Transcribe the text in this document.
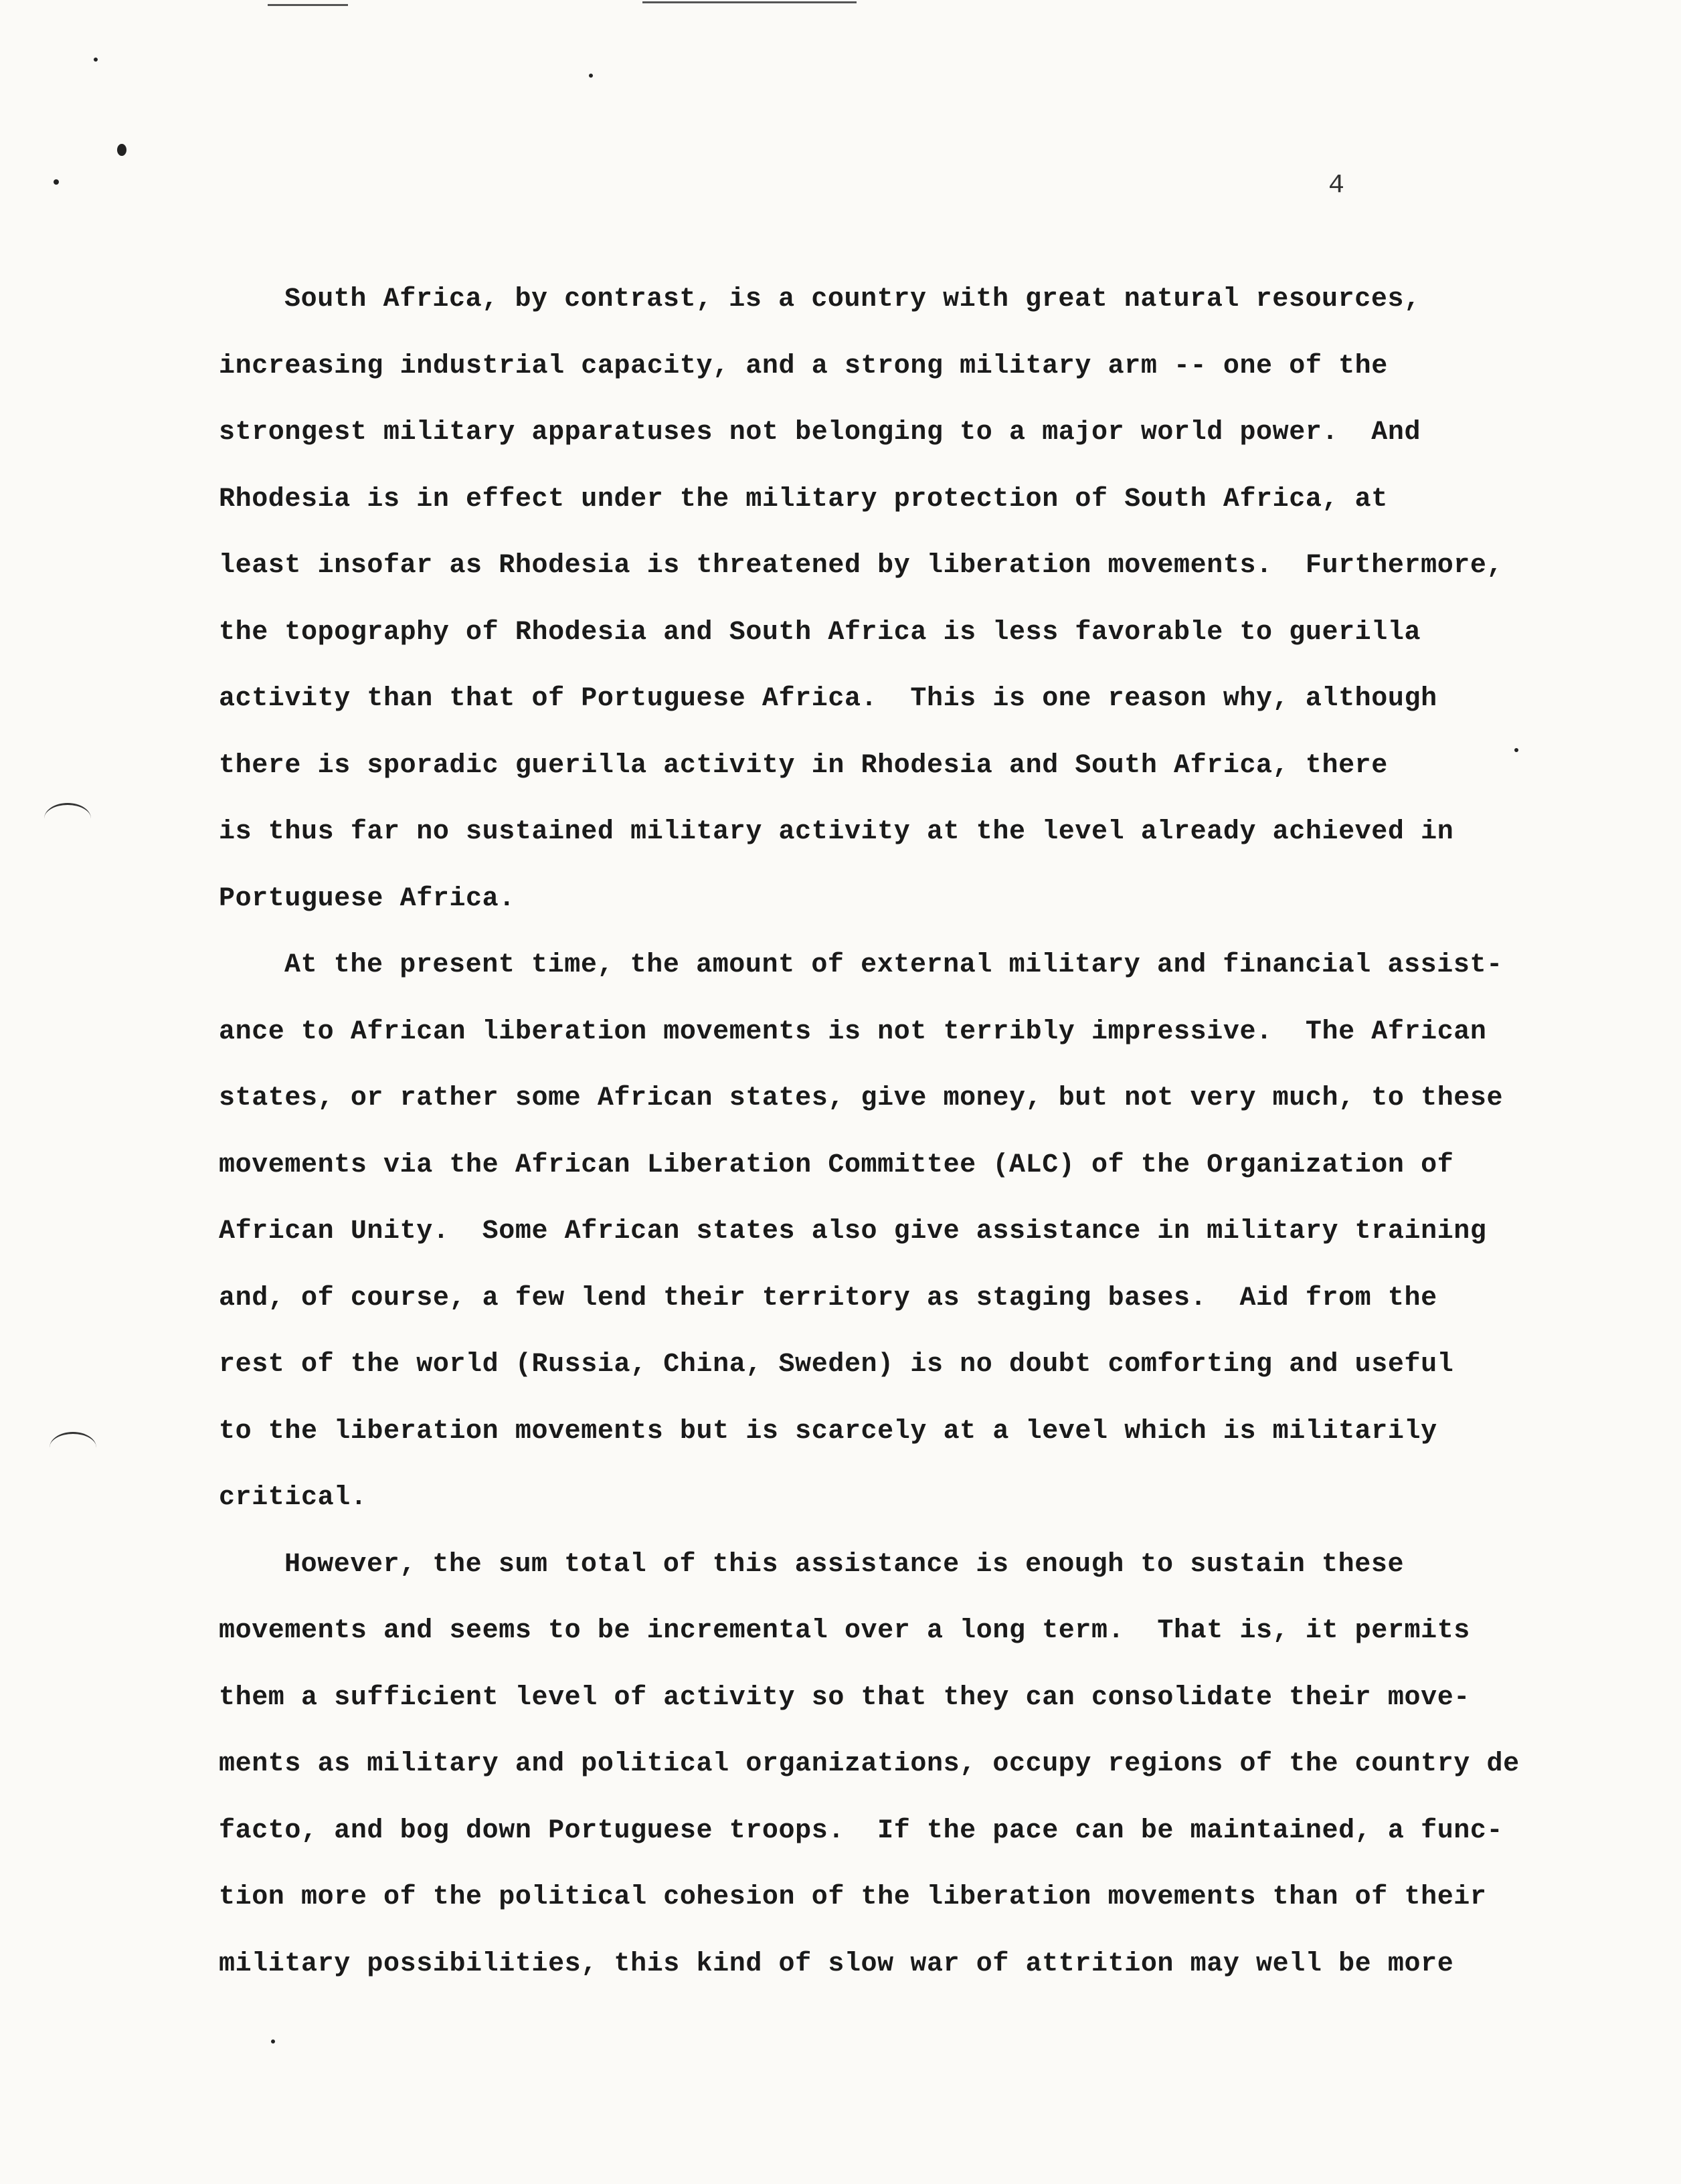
4
South Africa, by contrast, is a country with great natural resources,
increasing industrial capacity, and a strong military arm -- one of the
strongest military apparatuses not belonging to a major world power.  And
Rhodesia is in effect under the military protection of South Africa, at
least insofar as Rhodesia is threatened by liberation movements.  Furthermore,
the topography of Rhodesia and South Africa is less favorable to guerilla
activity than that of Portuguese Africa.  This is one reason why, although
there is sporadic guerilla activity in Rhodesia and South Africa, there
is thus far no sustained military activity at the level already achieved in
Portuguese Africa.
At the present time, the amount of external military and financial assist-
ance to African liberation movements is not terribly impressive.  The African
states, or rather some African states, give money, but not very much, to these
movements via the African Liberation Committee (ALC) of the Organization of
African Unity.  Some African states also give assistance in military training
and, of course, a few lend their territory as staging bases.  Aid from the
rest of the world (Russia, China, Sweden) is no doubt comforting and useful
to the liberation movements but is scarcely at a level which is militarily
critical.
However, the sum total of this assistance is enough to sustain these
movements and seems to be incremental over a long term.  That is, it permits
them a sufficient level of activity so that they can consolidate their move-
ments as military and political organizations, occupy regions of the country de
facto, and bog down Portuguese troops.  If the pace can be maintained, a func-
tion more of the political cohesion of the liberation movements than of their
military possibilities, this kind of slow war of attrition may well be more
